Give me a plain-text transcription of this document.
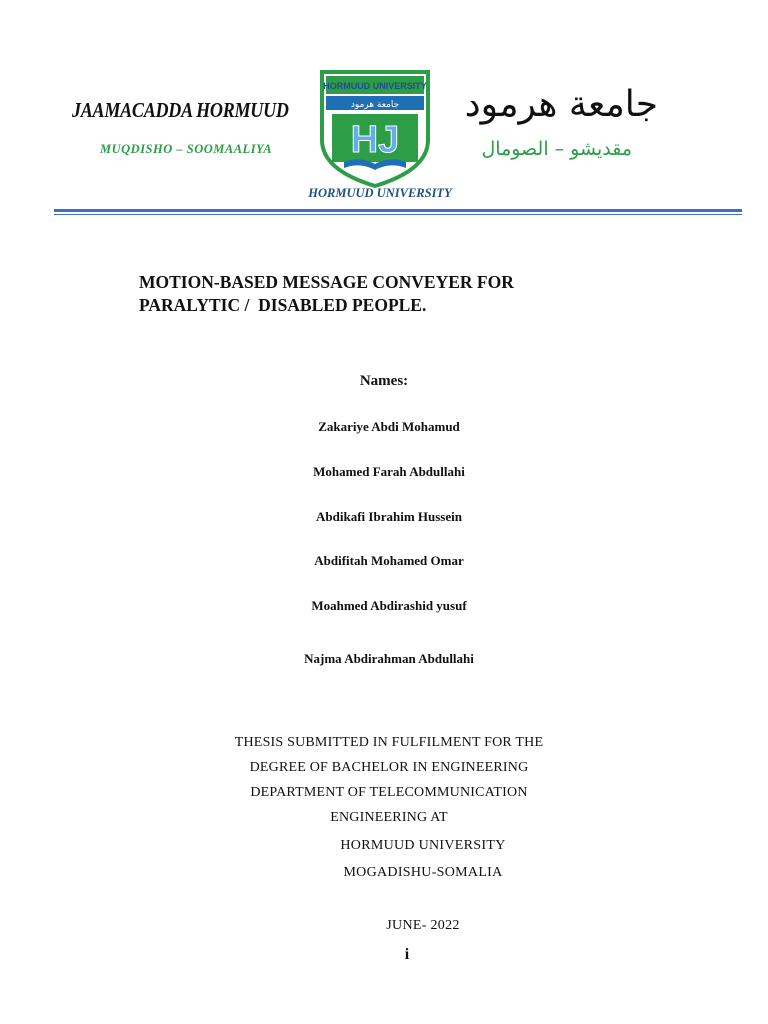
JAAMACADDA HORMUUD
MUQDISHO – SOOMAALIYA
HORMUUD UNIVERSITY
جامعة هرمود
HJ
HORMUUD UNIVERSITY
جامعة هرمود
مقديشو – الصومال
MOTION-BASED MESSAGE CONVEYER FOR
PARALYTIC /  DISABLED PEOPLE.
Names:
Zakariye Abdi Mohamud
Mohamed Farah Abdullahi
Abdikafi Ibrahim Hussein
Abdifitah Mohamed Omar
Moahmed Abdirashid yusuf
Najma Abdirahman Abdullahi
THESIS SUBMITTED IN FULFILMENT FOR THE
DEGREE OF BACHELOR IN ENGINEERING
DEPARTMENT OF TELECOMMUNICATION
ENGINEERING AT
HORMUUD UNIVERSITY
MOGADISHU-SOMALIA
JUNE- 2022
i
